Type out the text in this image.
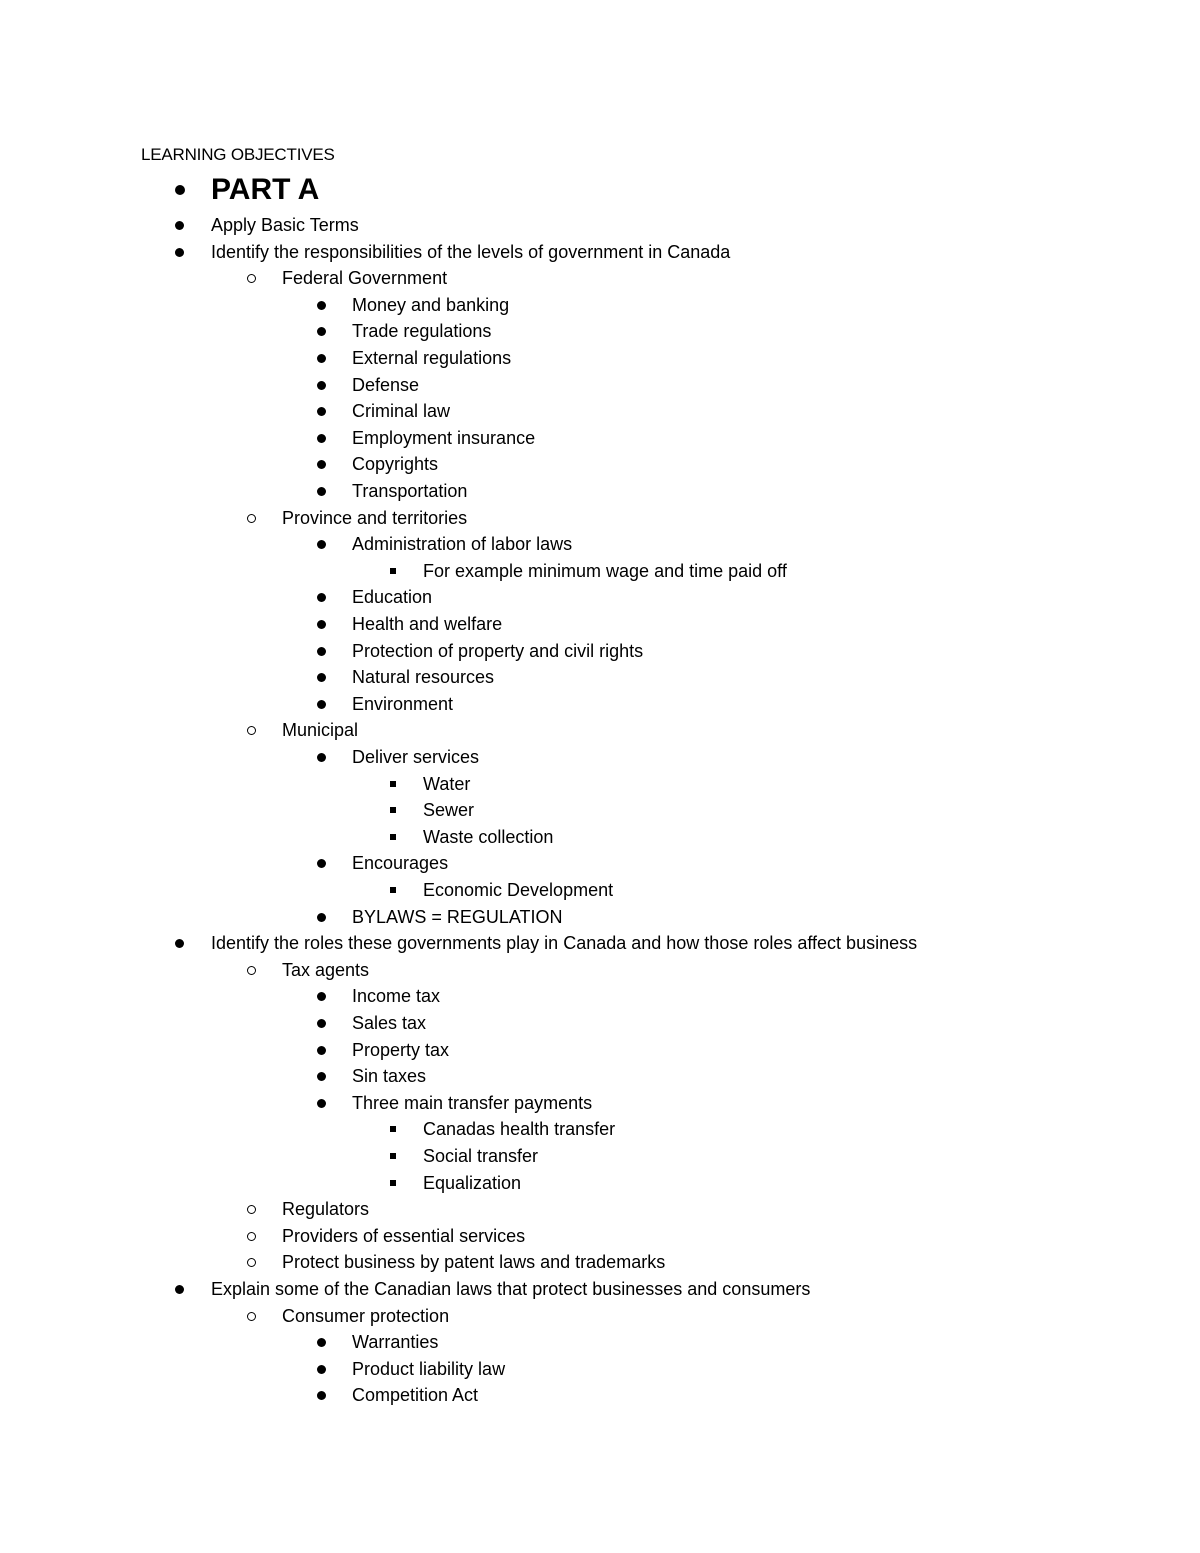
LEARNING OBJECTIVES
PART A
Apply Basic Terms
Identify the responsibilities of the levels of government in Canada
Federal Government
Money and banking
Trade regulations
External regulations
Defense
Criminal law
Employment insurance
Copyrights
Transportation
Province and territories
Administration of labor laws
For example minimum wage and time paid off
Education
Health and welfare
Protection of property and civil rights
Natural resources
Environment
Municipal
Deliver services
Water
Sewer
Waste collection
Encourages
Economic Development
BYLAWS = REGULATION
Identify the roles these governments play in Canada and how those roles affect business
Tax agents
Income tax
Sales tax
Property tax
Sin taxes
Three main transfer payments
Canadas health transfer
Social transfer
Equalization
Regulators
Providers of essential services
Protect business by patent laws and trademarks
Explain some of the Canadian laws that protect businesses and consumers
Consumer protection
Warranties
Product liability law
Competition Act
